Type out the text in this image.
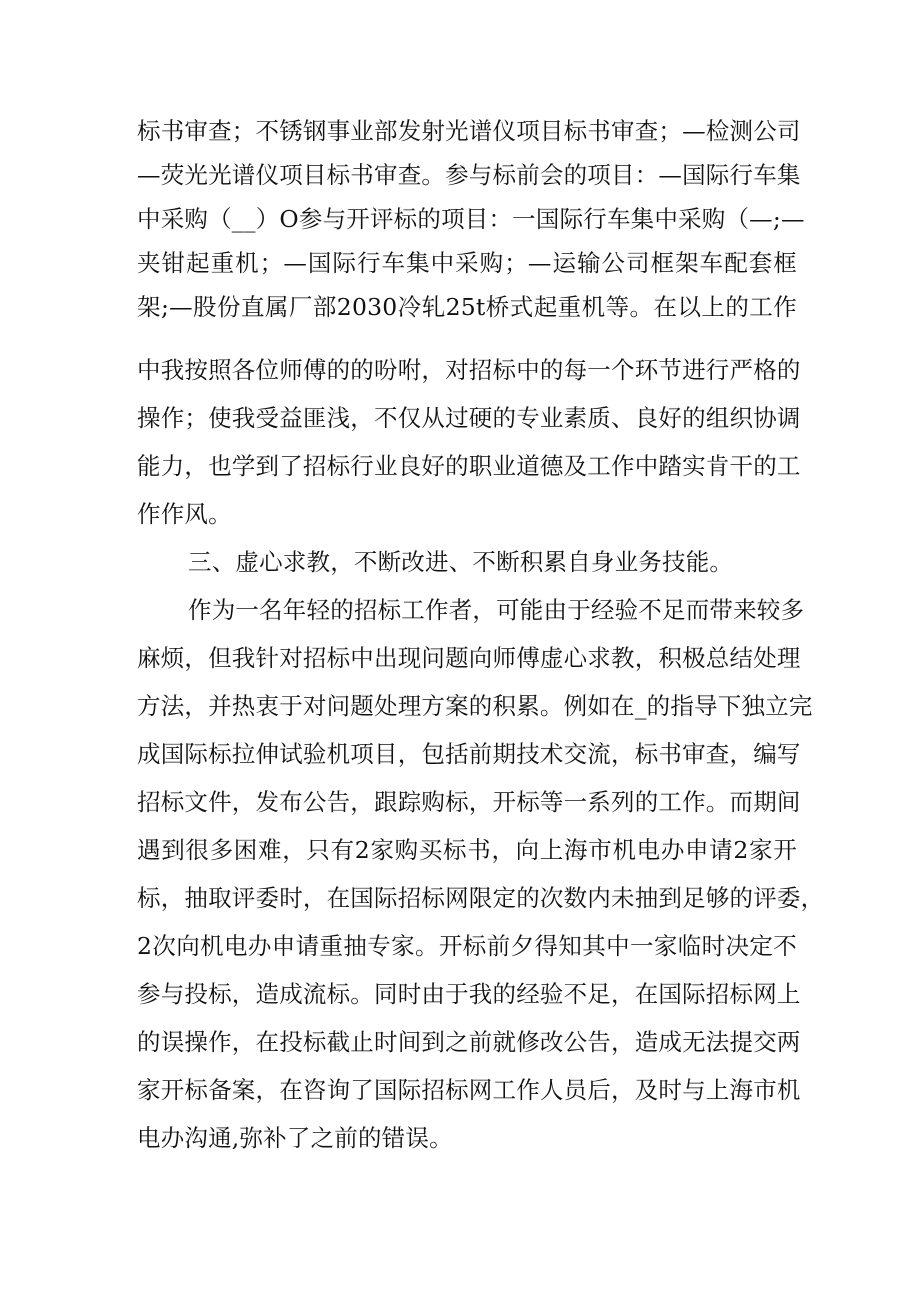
标书审查；不锈钢事业部发射光谱仪项目标书审查；—检测公司

—荧光光谱仪项目标书审查。参与标前会的项目：—国际行车集

中采购（__）O参与开评标的项目：一国际行车集中采购（—;—

夹钳起重机；—国际行车集中采购；—运输公司框架车配套框

架;—股份直属厂部2030冷轧25t桥式起重机等。在以上的工作

中我按照各位师傅的的吩咐，对招标中的每一个环节进行严格的

操作；使我受益匪浅，不仅从过硬的专业素质、良好的组织协调

能力，也学到了招标行业良好的职业道德及工作中踏实肯干的工

作作风。

三、虚心求教，不断改进、不断积累自身业务技能。

作为一名年轻的招标工作者，可能由于经验不足而带来较多

麻烦，但我针对招标中出现问题向师傅虚心求教，积极总结处理

方法，并热衷于对问题处理方案的积累。例如在_的指导下独立完

成国际标拉伸试验机项目，包括前期技术交流，标书审查，编写

招标文件，发布公告，跟踪购标，开标等一系列的工作。而期间

遇到很多困难，只有2家购买标书，向上海市机电办申请2家开

标，抽取评委时，在国际招标网限定的次数内未抽到足够的评委，

2次向机电办申请重抽专家。开标前夕得知其中一家临时决定不

参与投标，造成流标。同时由于我的经验不足，在国际招标网上

的误操作，在投标截止时间到之前就修改公告，造成无法提交两

家开标备案，在咨询了国际招标网工作人员后，及时与上海市机

电办沟通,弥补了之前的错误。
